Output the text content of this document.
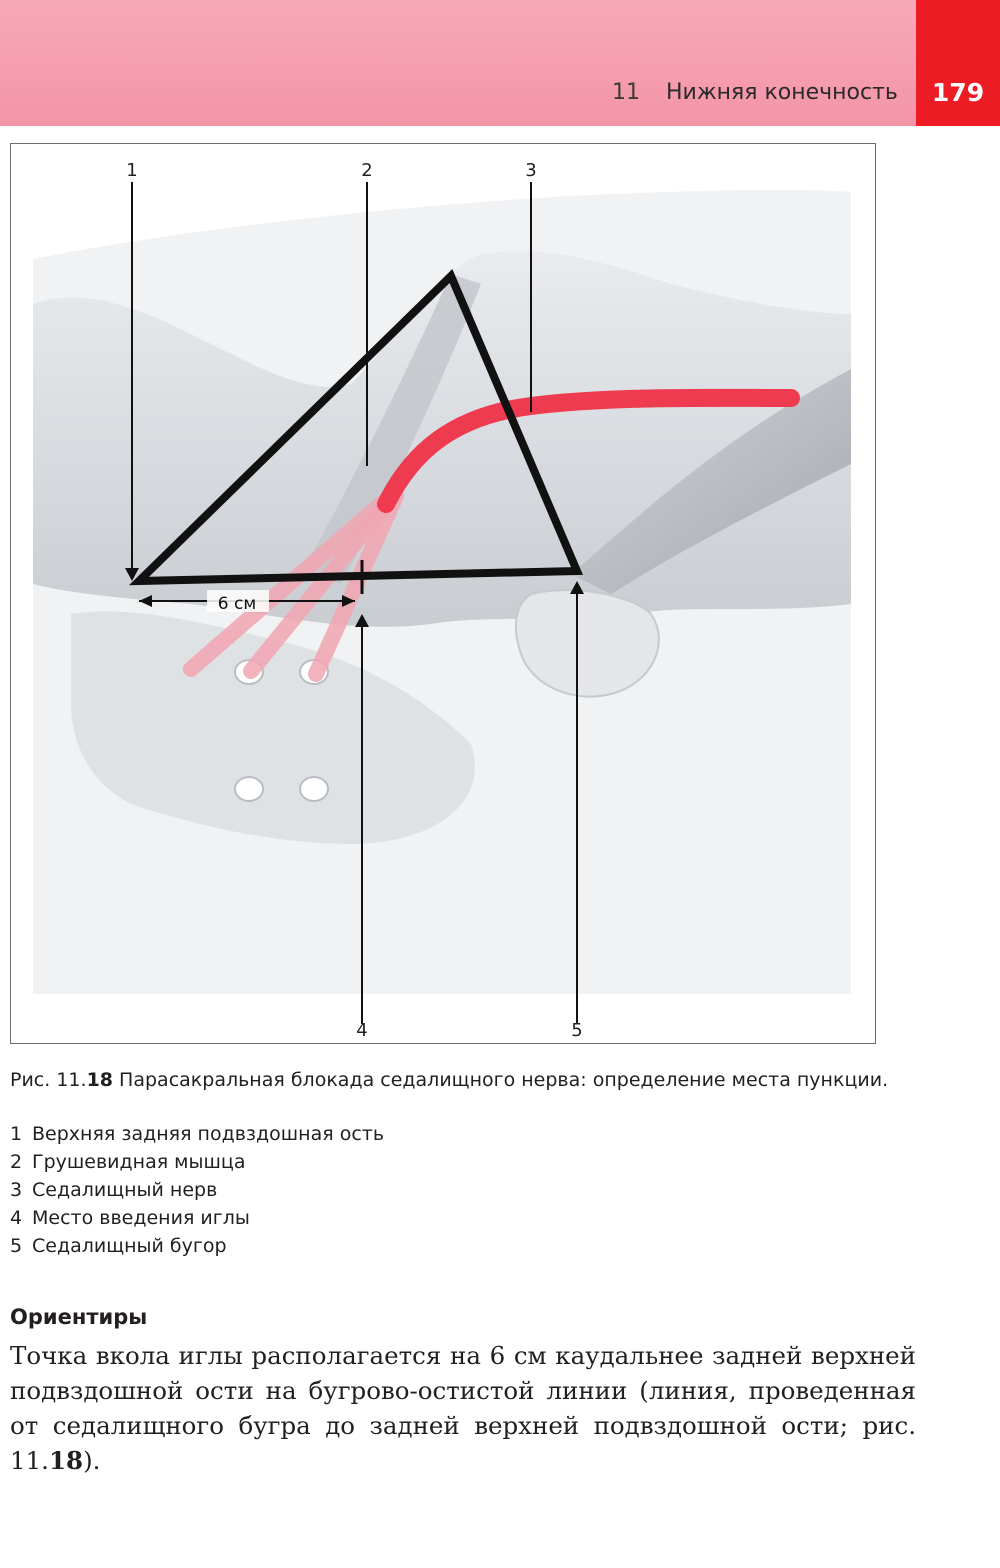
11 Нижняя конечность	179
6 см
1	2	3
4	5
Рис. 11.18 Парасакральная блокада седалищного нерва: определение места пункции.
1 Верхняя задняя подвздошная ость
2 Грушевидная мышца
3 Седалищный нерв
4 Место введения иглы
5 Седалищный бугор
Ориентиры
Точка вкола иглы располагается на 6 см каудальнее задней верхней подвздошной ости на бугрово-остистой линии (линия, проведенная от седалищного бугра до задней верхней подвздошной ости; рис. 11.18).
